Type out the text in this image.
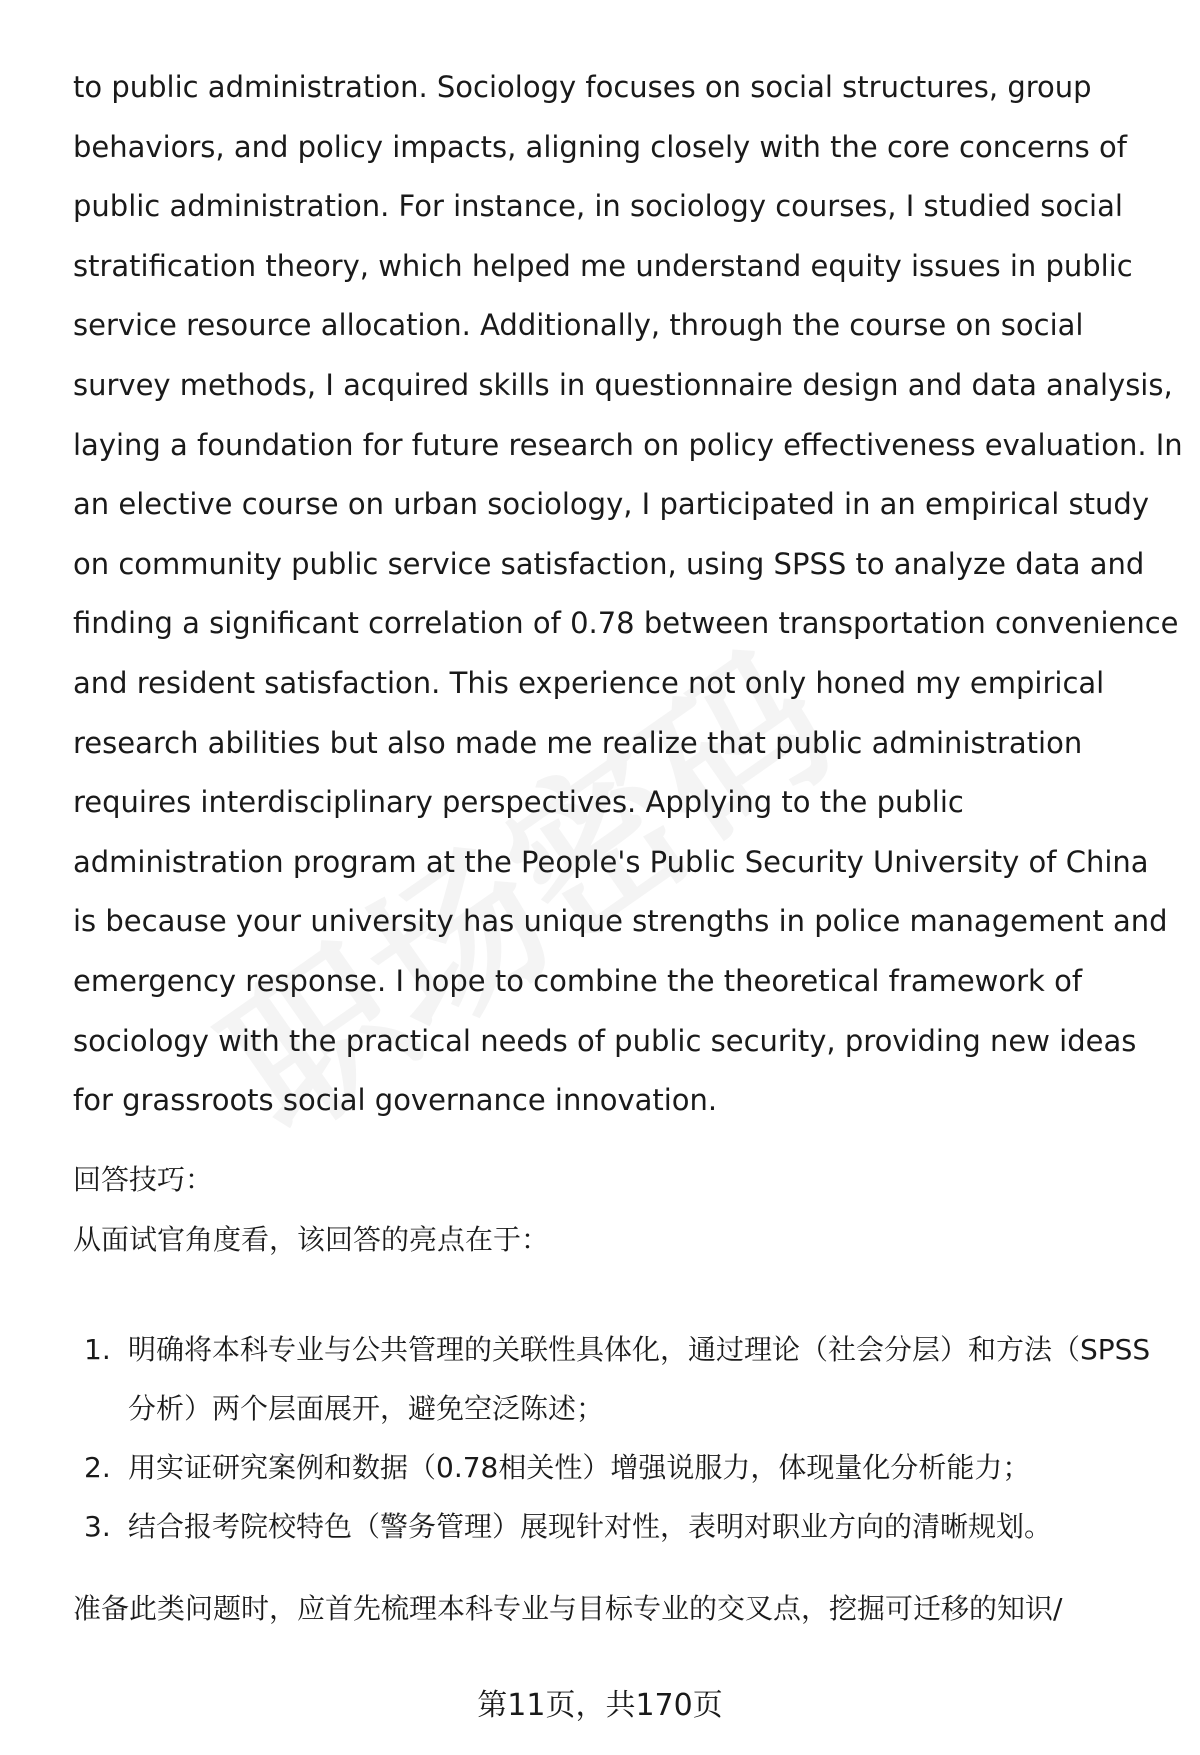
to public administration. Sociology focuses on social structures, group
behaviors, and policy impacts, aligning closely with the core concerns of
public administration. For instance, in sociology courses, I studied social
stratification theory, which helped me understand equity issues in public
service resource allocation. Additionally, through the course on social
survey methods, I acquired skills in questionnaire design and data analysis,
laying a foundation for future research on policy effectiveness evaluation. In
an elective course on urban sociology, I participated in an empirical study
on community public service satisfaction, using SPSS to analyze data and
finding a significant correlation of 0.78 between transportation convenience
and resident satisfaction. This experience not only honed my empirical
research abilities but also made me realize that public administration
requires interdisciplinary perspectives. Applying to the public
administration program at the People's Public Security University of China
is because your university has unique strengths in police management and
emergency response. I hope to combine the theoretical framework of
sociology with the practical needs of public security, providing new ideas
for grassroots social governance innovation.
回答技巧：
从面试官角度看，该回答的亮点在于：
1. 明确将本科专业与公共管理的关联性具体化，通过理论（社会分层）和方法（SPSS分析）两个层面展开，避免空泛陈述；
2. 用实证研究案例和数据（0.78相关性）增强说服力，体现量化分析能力；
3. 结合报考院校特色（警务管理）展现针对性，表明对职业方向的清晰规划。
准备此类问题时，应首先梳理本科专业与目标专业的交叉点，挖掘可迁移的知识/
第11页，共170页
